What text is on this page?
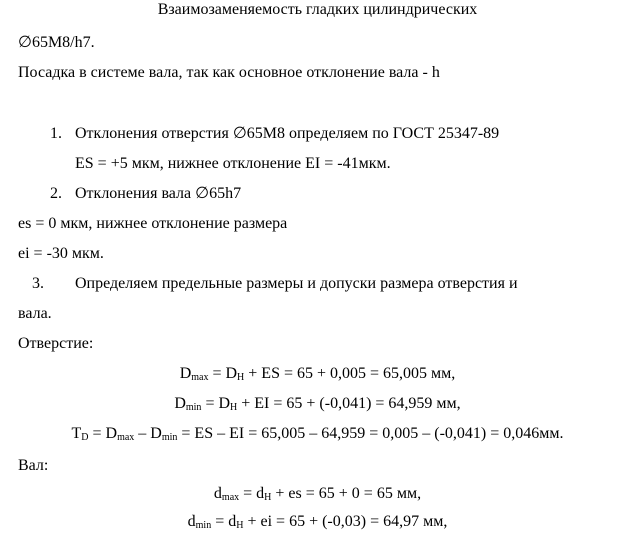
Взаимозаменяемость гладких цилиндрических
∅65М8/h7.
Посадка в системе вала, так как основное отклонение вала - h
1. Отклонения отверстия ∅65М8 определяем по ГОСТ 25347-89
ES = +5 мкм, нижнее отклонение EI = -41мкм.
2. Отклонения вала ∅65h7
es = 0 мкм, нижнее отклонение размера
ei = -30 мкм.
3. Определяем предельные размеры и допуски размера отверстия и
вала.
Отверстие:
$D_{max} = D_H$ + ES = 65 + 0,005 = 65,005 мм,
$D_{min} = D_H$ + EI = 65 + (-0,041) = 64,959 мм,
$T_D = D_{max} - D_{min}$ = ES – EI = 65,005 – 64,959 = 0,005 – (-0,041) = 0,046мм.
Вал:
$d_{max} = d_H$ + es = 65 + 0 = 65 мм,
$d_{min} = d_H$ + ei = 65 + (-0,03) = 64,97 мм,
